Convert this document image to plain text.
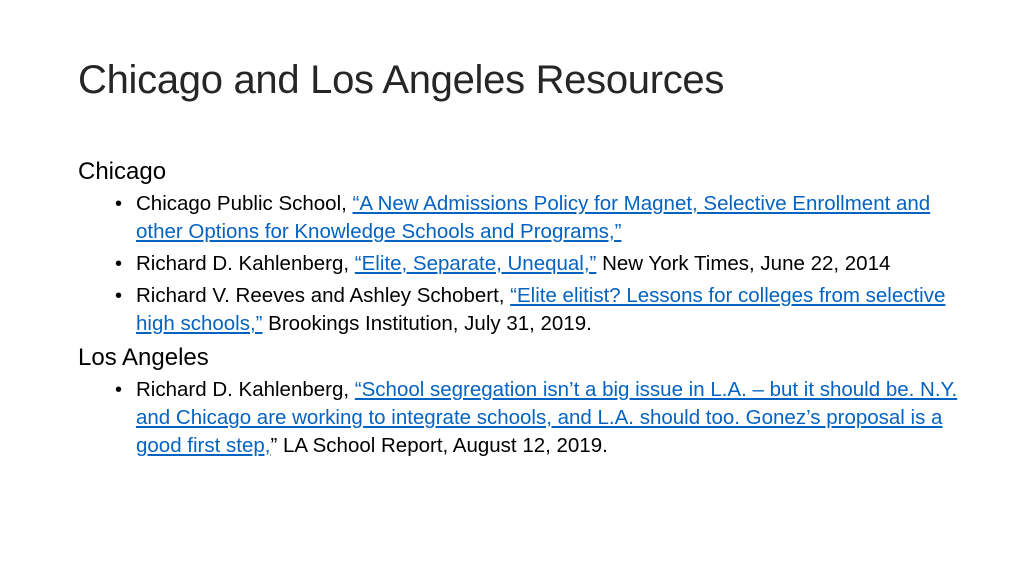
Chicago and Los Angeles Resources
Chicago
• Chicago Public School, “A New Admissions Policy for Magnet, Selective Enrollment and other Options for Knowledge Schools and Programs,”
• Richard D. Kahlenberg, “Elite, Separate, Unequal,” New York Times, June 22, 2014
• Richard V. Reeves and Ashley Schobert, “Elite elitist? Lessons for colleges from selective high schools,” Brookings Institution, July 31, 2019.
Los Angeles
• Richard D. Kahlenberg, “School segregation isn’t a big issue in L.A. – but it should be. N.Y. and Chicago are working to integrate schools, and L.A. should too. Gonez’s proposal is a good first step,” LA School Report, August 12, 2019.
